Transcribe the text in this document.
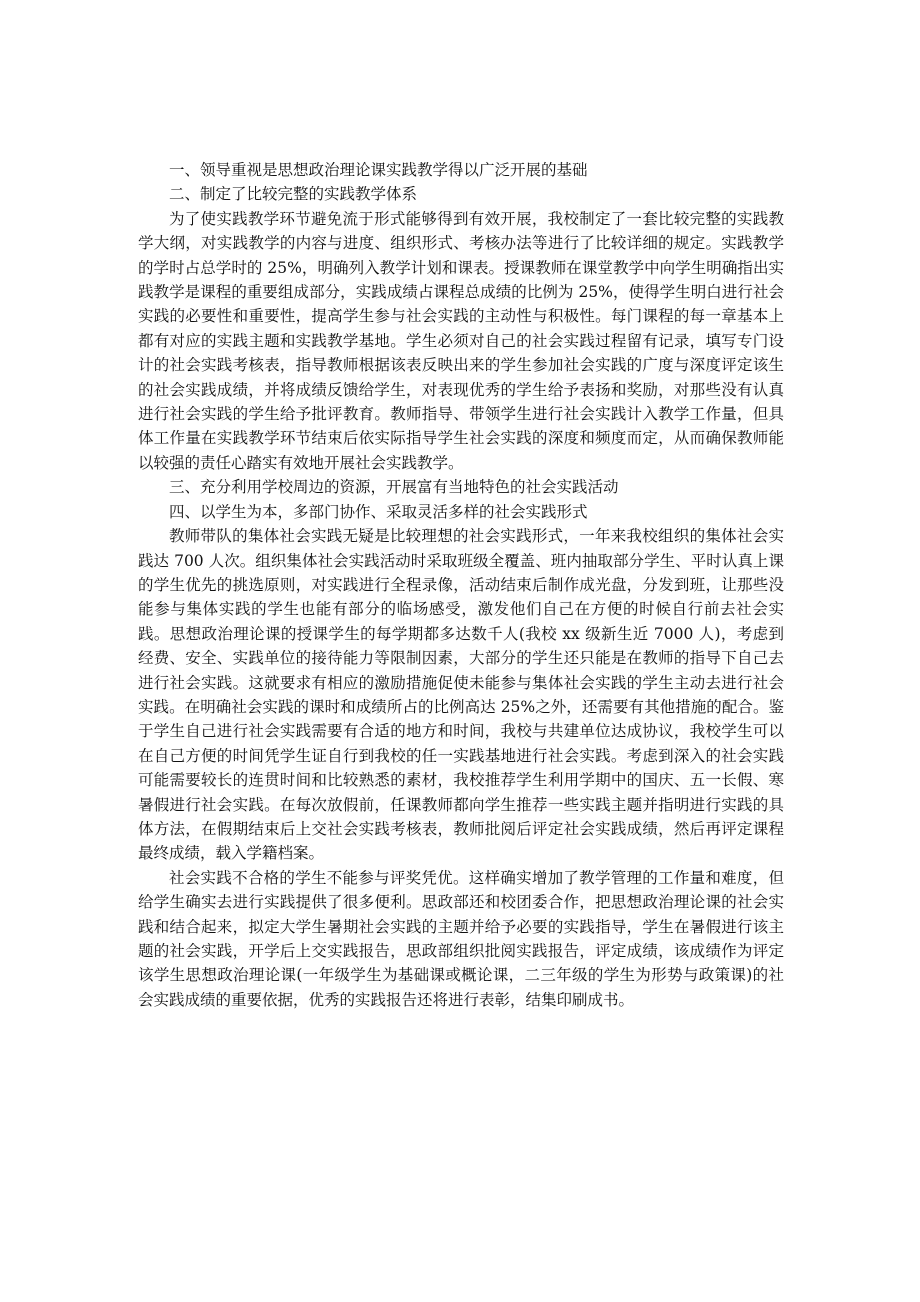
一、领导重视是思想政治理论课实践教学得以广泛开展的基础

二、制定了比较完整的实践教学体系

为了使实践教学环节避免流于形式能够得到有效开展，我校制定了一套比较完整的实践教学大纲，对实践教学的内容与进度、组织形式、考核办法等进行了比较详细的规定。实践教学的学时占总学时的 25%，明确列入教学计划和课表。授课教师在课堂教学中向学生明确指出实践教学是课程的重要组成部分，实践成绩占课程总成绩的比例为 25%，使得学生明白进行社会实践的必要性和重要性，提高学生参与社会实践的主动性与积极性。每门课程的每一章基本上都有对应的实践主题和实践教学基地。学生必须对自己的社会实践过程留有记录，填写专门设计的社会实践考核表，指导教师根据该表反映出来的学生参加社会实践的广度与深度评定该生的社会实践成绩，并将成绩反馈给学生，对表现优秀的学生给予表扬和奖励，对那些没有认真进行社会实践的学生给予批评教育。教师指导、带领学生进行社会实践计入教学工作量，但具体工作量在实践教学环节结束后依实际指导学生社会实践的深度和频度而定，从而确保教师能以较强的责任心踏实有效地开展社会实践教学。

三、充分利用学校周边的资源，开展富有当地特色的社会实践活动

四、以学生为本，多部门协作、采取灵活多样的社会实践形式

教师带队的集体社会实践无疑是比较理想的社会实践形式，一年来我校组织的集体社会实践达 700 人次。组织集体社会实践活动时采取班级全覆盖、班内抽取部分学生、平时认真上课的学生优先的挑选原则，对实践进行全程录像，活动结束后制作成光盘，分发到班，让那些没能参与集体实践的学生也能有部分的临场感受，激发他们自己在方便的时候自行前去社会实践。思想政治理论课的授课学生的每学期都多达数千人(我校 xx 级新生近 7000 人)，考虑到经费、安全、实践单位的接待能力等限制因素，大部分的学生还只能是在教师的指导下自己去进行社会实践。这就要求有相应的激励措施促使未能参与集体社会实践的学生主动去进行社会实践。在明确社会实践的课时和成绩所占的比例高达 25%之外，还需要有其他措施的配合。鉴于学生自己进行社会实践需要有合适的地方和时间，我校与共建单位达成协议，我校学生可以在自己方便的时间凭学生证自行到我校的任一实践基地进行社会实践。考虑到深入的社会实践可能需要较长的连贯时间和比较熟悉的素材，我校推荐学生利用学期中的国庆、五一长假、寒暑假进行社会实践。在每次放假前，任课教师都向学生推荐一些实践主题并指明进行实践的具体方法，在假期结束后上交社会实践考核表，教师批阅后评定社会实践成绩，然后再评定课程最终成绩，载入学籍档案。

社会实践不合格的学生不能参与评奖凭优。这样确实增加了教学管理的工作量和难度，但给学生确实去进行实践提供了很多便利。思政部还和校团委合作，把思想政治理论课的社会实践和结合起来，拟定大学生暑期社会实践的主题并给予必要的实践指导，学生在暑假进行该主题的社会实践，开学后上交实践报告，思政部组织批阅实践报告，评定成绩，该成绩作为评定该学生思想政治理论课(一年级学生为基础课或概论课，二三年级的学生为形势与政策课)的社会实践成绩的重要依据，优秀的实践报告还将进行表彰，结集印刷成书。
